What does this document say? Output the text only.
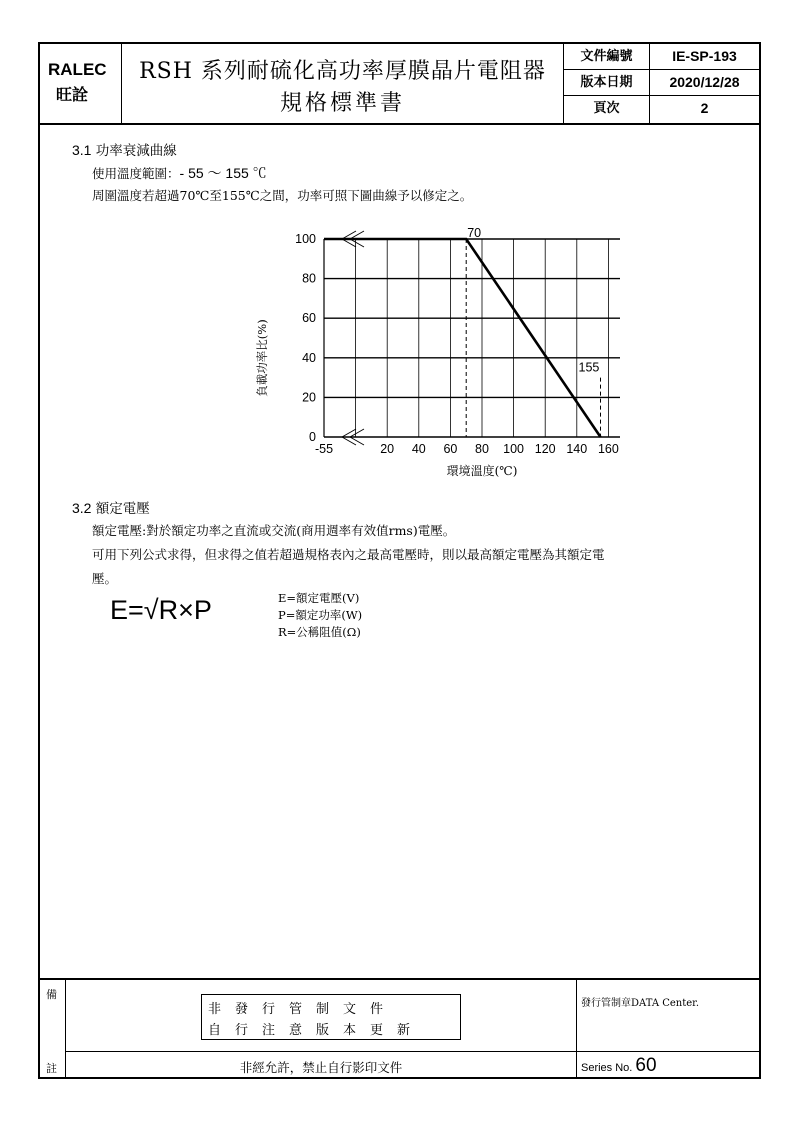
RALEC
旺詮
RSH 系列耐硫化高功率厚膜晶片電阻器
規格標準書
文件編號	IE-SP-193
版本日期	2020/12/28
頁次	2
3.1 功率衰減曲線
使用溫度範圍：- 55 ～ 155 ℃
周圍溫度若超過70℃至155℃之間，功率可照下圖曲線予以修定之。
0
20
40
60
80
100
-55	20 40 60 80 100 120 140 160
70
155
環境溫度(℃)
負載功率比(%)
3.2 額定電壓
額定電壓:對於額定功率之直流或交流(商用週率有效值rms)電壓。
可用下列公式求得，但求得之值若超過規格表內之最高電壓時，則以最高額定電壓為其額定電
壓。
E=√R×P	E=額定電壓(V)
P=額定功率(W)
R=公稱阻值(Ω)
備
註
非發行管制文件
自行注意版本更新
非經允許，禁止自行影印文件
發行管制章DATA Center.
Series No. 60
